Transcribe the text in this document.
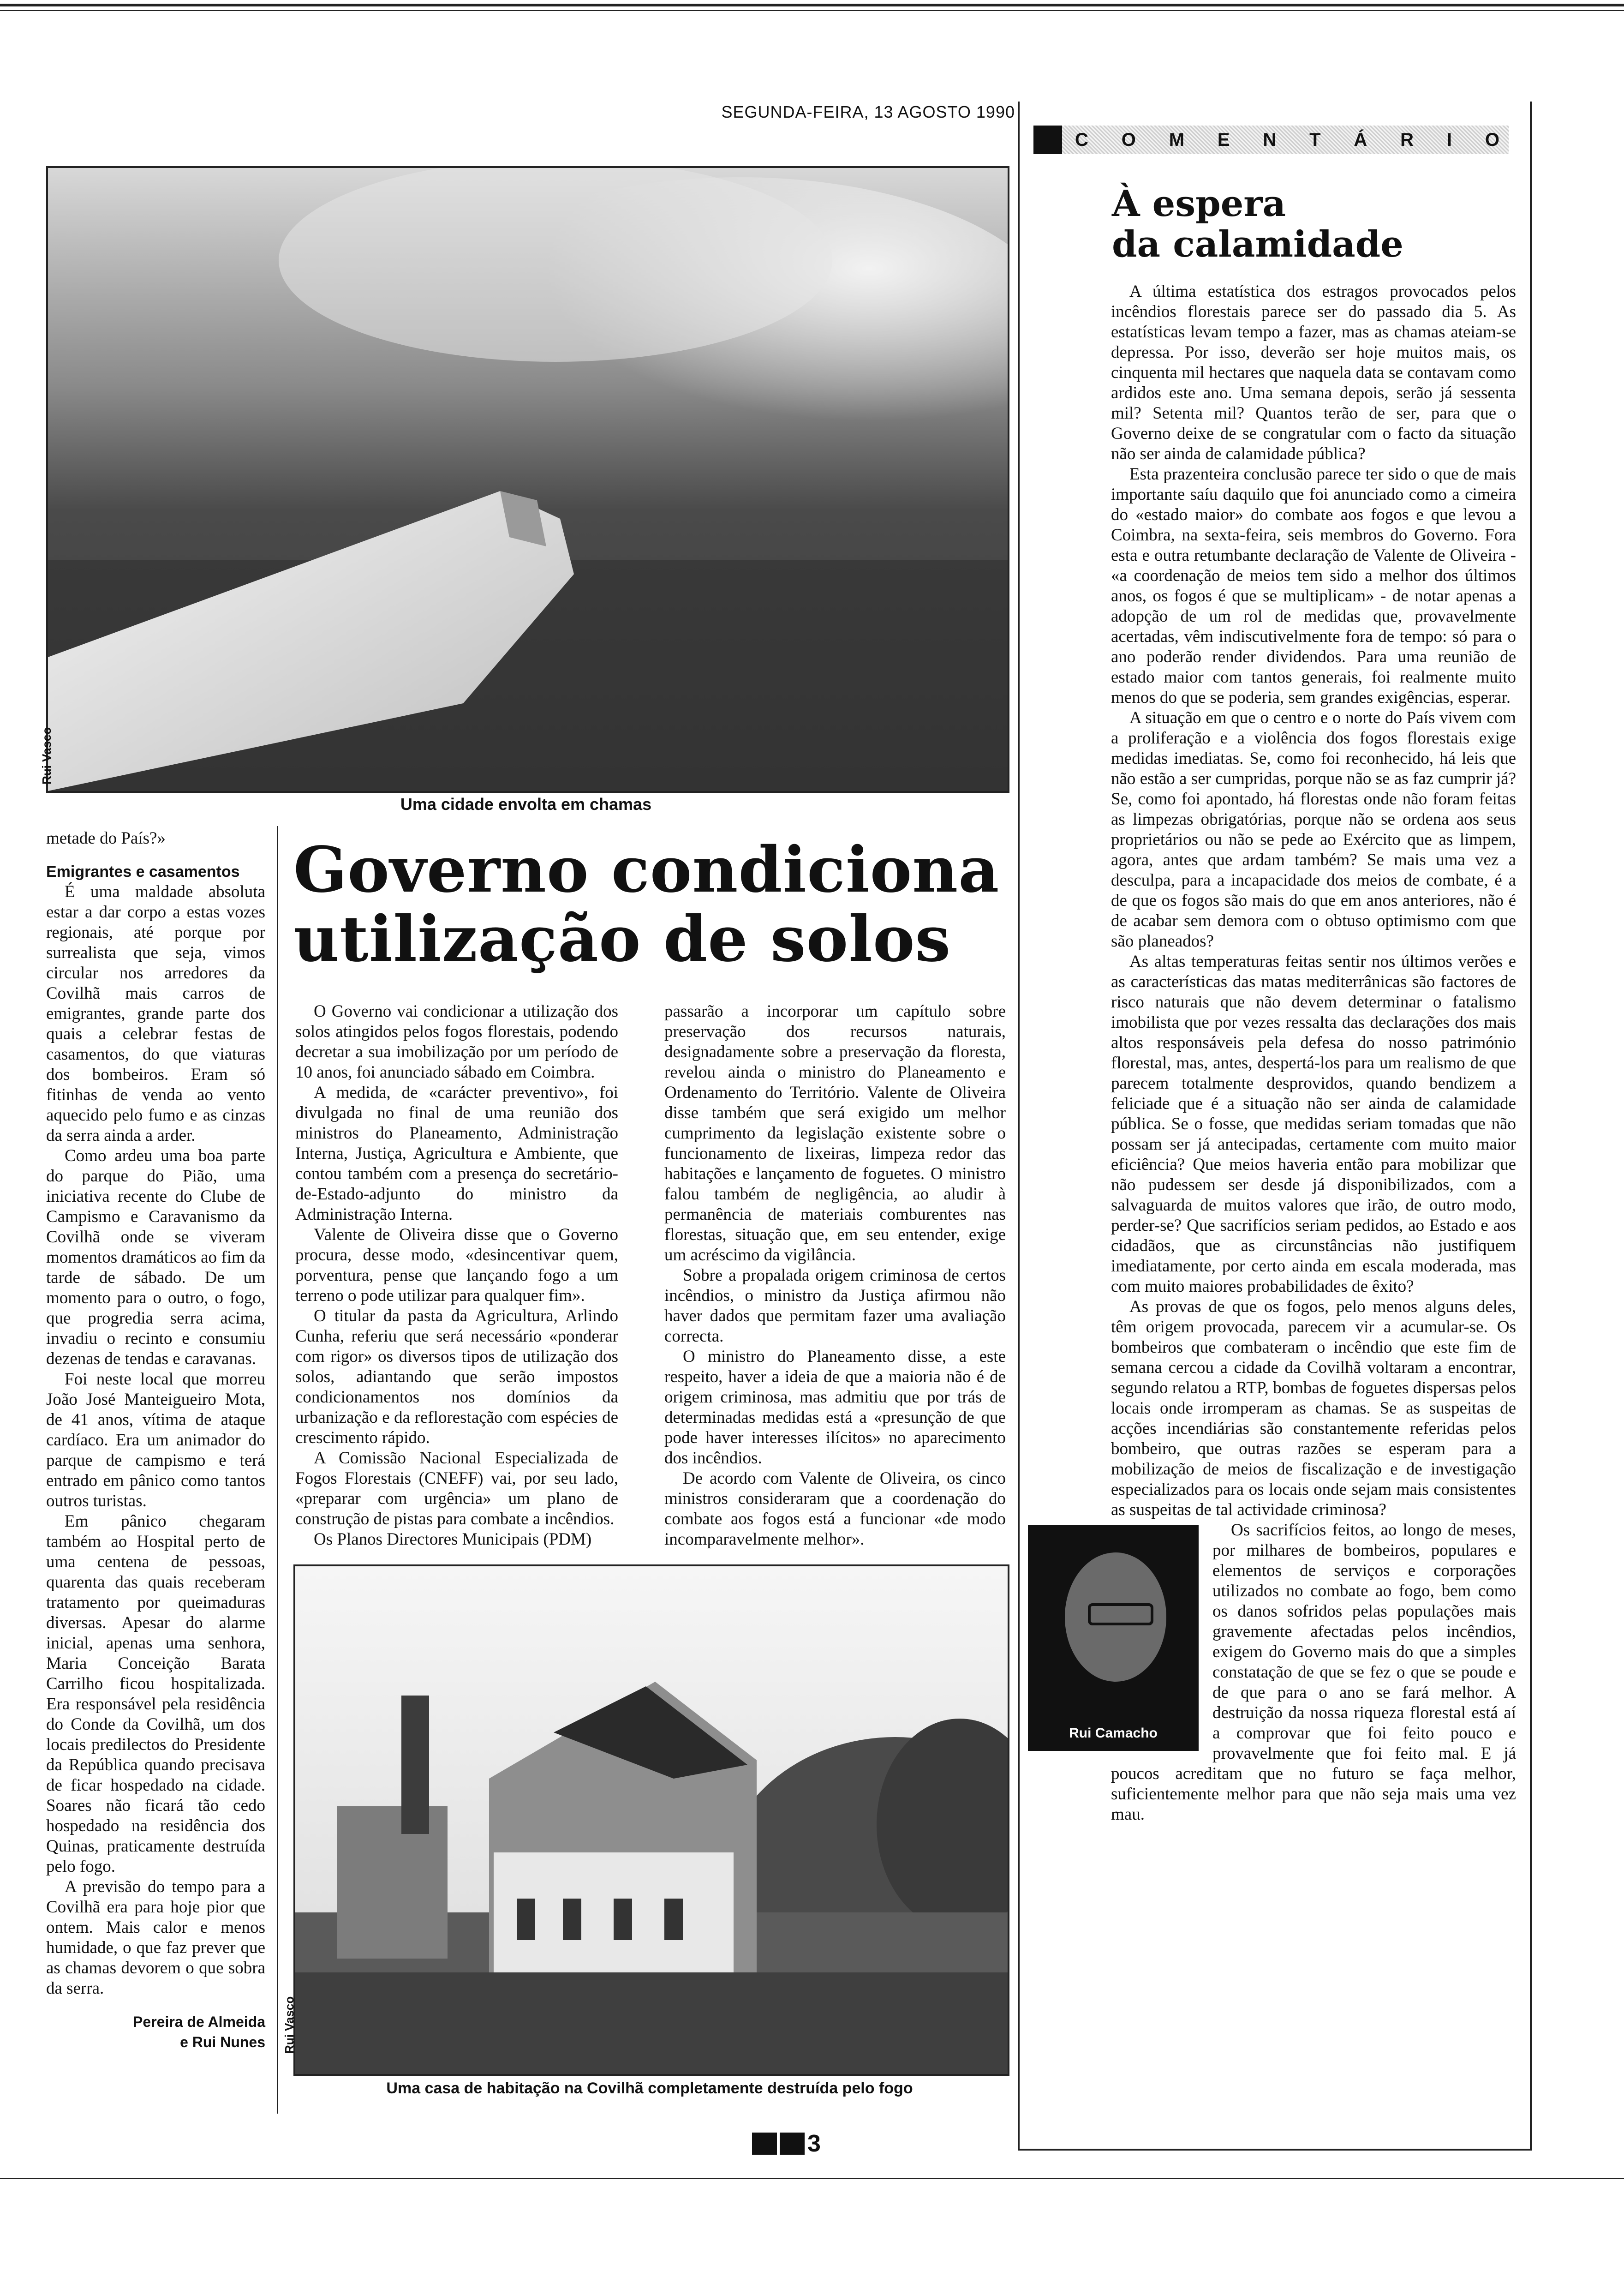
SEGUNDA-FEIRA, 13 AGOSTO 1990
Rui Vasco
Uma cidade envolta em chamas
Governo condiciona utilização de solos

metade do País?»

Emigrantes e casamentos

É uma maldade absoluta estar a dar corpo a estas vozes regionais, até porque por surrealista que seja, vimos circular nos arredores da Covilhã mais carros de emigrantes, grande parte dos quais a celebrar festas de casamentos, do que viaturas dos bombeiros. Eram só fitinhas de venda ao vento aquecido pelo fumo e as cinzas da serra ainda a arder.

Como ardeu uma boa parte do parque do Pião, uma iniciativa recente do Clube de Campismo e Caravanismo da Covilhã onde se viveram momentos dramáticos ao fim da tarde de sábado. De um momento para o outro, o fogo, que progredia serra acima, invadiu o recinto e consumiu dezenas de tendas e caravanas.

Foi neste local que morreu João José Manteigueiro Mota, de 41 anos, vítima de ataque cardíaco. Era um animador do parque de campismo e terá entrado em pânico como tantos outros turistas.

Em pânico chegaram também ao Hospital perto de uma centena de pessoas, quarenta das quais receberam tratamento por queimaduras diversas. Apesar do alarme inicial, apenas uma senhora, Maria Conceição Barata Carrilho ficou hospitalizada. Era responsável pela residência do Conde da Covilhã, um dos locais predilectos do Presidente da República quando precisava de ficar hospedado na cidade. Soares não ficará tão cedo hospedado na residência dos Quinas, praticamente destruída pelo fogo.

A previsão do tempo para a Covilhã era para hoje pior que ontem. Mais calor e menos humidade, o que faz prever que as chamas devorem o que sobra da serra.

Pereira de Almeida
e Rui Nunes

O Governo vai condicionar a utilização dos solos atingidos pelos fogos florestais, podendo decretar a sua imobilização por um período de 10 anos, foi anunciado sábado em Coimbra.

A medida, de «carácter preventivo», foi divulgada no final de uma reunião dos ministros do Planeamento, Administração Interna, Justiça, Agricultura e Ambiente, que contou também com a presença do secretário-de-Estado-adjunto do ministro da Administração Interna.

Valente de Oliveira disse que o Governo procura, desse modo, «desincentivar quem, porventura, pense que lançando fogo a um terreno o pode utilizar para qualquer fim».

O titular da pasta da Agricultura, Arlindo Cunha, referiu que será necessário «ponderar com rigor» os diversos tipos de utilização dos solos, adiantando que serão impostos condicionamentos nos domínios da urbanização e da reflorestação com espécies de crescimento rápido.

A Comissão Nacional Especializada de Fogos Florestais (CNEFF) vai, por seu lado, «preparar com urgência» um plano de construção de pistas para combate a incêndios.

Os Planos Directores Municipais (PDM)

passarão a incorporar um capítulo sobre preservação dos recursos naturais, designadamente sobre a preservação da floresta, revelou ainda o ministro do Planeamento e Ordenamento do Território. Valente de Oliveira disse também que será exigido um melhor cumprimento da legislação existente sobre o funcionamento de lixeiras, limpeza redor das habitações e lançamento de foguetes. O ministro falou também de negligência, ao aludir à permanência de materiais comburentes nas florestas, situação que, em seu entender, exige um acréscimo da vigilância.

Sobre a propalada origem criminosa de certos incêndios, o ministro da Justiça afirmou não haver dados que permitam fazer uma avaliação correcta.

O ministro do Planeamento disse, a este respeito, haver a ideia de que a maioria não é de origem criminosa, mas admitiu que por trás de determinadas medidas está a «presunção de que pode haver interesses ilícitos» no aparecimento dos incêndios.

De acordo com Valente de Oliveira, os cinco ministros consideraram que a coordenação do combate aos fogos está a funcionar «de modo incomparavelmente melhor».

Rui Vasco
Uma casa de habitação na Covilhã completamente destruída pelo fogo
C O M E N T Á R I O
À espera
da calamidade

A última estatística dos estragos provocados pelos incêndios florestais parece ser do passado dia 5. As estatísticas levam tempo a fazer, mas as chamas ateiam-se depressa. Por isso, deverão ser hoje muitos mais, os cinquenta mil hectares que naquela data se contavam como ardidos este ano. Uma semana depois, serão já sessenta mil? Setenta mil? Quantos terão de ser, para que o Governo deixe de se congratular com o facto da situação não ser ainda de calamidade pública?

Esta prazenteira conclusão parece ter sido o que de mais importante saíu daquilo que foi anunciado como a cimeira do «estado maior» do combate aos fogos e que levou a Coimbra, na sexta-feira, seis membros do Governo. Fora esta e outra retumbante declaração de Valente de Oliveira - «a coordenação de meios tem sido a melhor dos últimos anos, os fogos é que se multiplicam» - de notar apenas a adopção de um rol de medidas que, provavelmente acertadas, vêm indiscutivelmente fora de tempo: só para o ano poderão render dividendos. Para uma reunião de estado maior com tantos generais, foi realmente muito menos do que se poderia, sem grandes exigências, esperar.

A situação em que o centro e o norte do País vivem com a proliferação e a violência dos fogos florestais exige medidas imediatas. Se, como foi reconhecido, há leis que não estão a ser cumpridas, porque não se as faz cumprir já? Se, como foi apontado, há florestas onde não foram feitas as limpezas obrigatórias, porque não se ordena aos seus proprietários ou não se pede ao Exército que as limpem, agora, antes que ardam também? Se mais uma vez a desculpa, para a incapacidade dos meios de combate, é a de que os fogos são mais do que em anos anteriores, não é de acabar sem demora com o obtuso optimismo com que são planeados?

As altas temperaturas feitas sentir nos últimos verões e as características das matas mediterrânicas são factores de risco naturais que não devem determinar o fatalismo imobilista que por vezes ressalta das declarações dos mais altos responsáveis pela defesa do nosso património florestal, mas, antes, despertá-los para um realismo de que parecem totalmente desprovidos, quando bendizem a feliciade que é a situação não ser ainda de calamidade pública. Se o fosse, que medidas seriam tomadas que não possam ser já antecipadas, certamente com muito maior eficiência? Que meios haveria então para mobilizar que não pudessem ser desde já disponibilizados, com a salvaguarda de muitos valores que irão, de outro modo, perder-se? Que sacrifícios seriam pedidos, ao Estado e aos cidadãos, que as circunstâncias não justifiquem imediatamente, por certo ainda em escala moderada, mas com muito maiores probabilidades de êxito?

As provas de que os fogos, pelo menos alguns deles, têm origem provocada, parecem vir a acumular-se. Os bombeiros que combateram o incêndio que este fim de semana cercou a cidade da Covilhã voltaram a encontrar, segundo relatou a RTP, bombas de foguetes dispersas pelos locais onde irromperam as chamas. Se as suspeitas de acções incendiárias são constantemente referidas pelos bombeiro, que outras razões se esperam para a mobilização de meios de fiscalização e de investigação especializados para os locais onde sejam mais consistentes as suspeitas de tal actividade criminosa?

Rui Camacho

Os sacrifícios feitos, ao longo de meses, por milhares de bombeiros, populares e elementos de serviços e corporações utilizados no combate ao fogo, bem como os danos sofridos pelas populações mais gravemente afectadas pelos incêndios, exigem do Governo mais do que a simples constatação de que se fez o que se poude e de que para o ano se fará melhor. A destruição da nossa riqueza florestal está aí a comprovar que foi feito pouco e provavelmente que foi feito mal. E já poucos acreditam que no futuro se faça melhor, suficientemente melhor para que não seja mais uma vez mau.

3
